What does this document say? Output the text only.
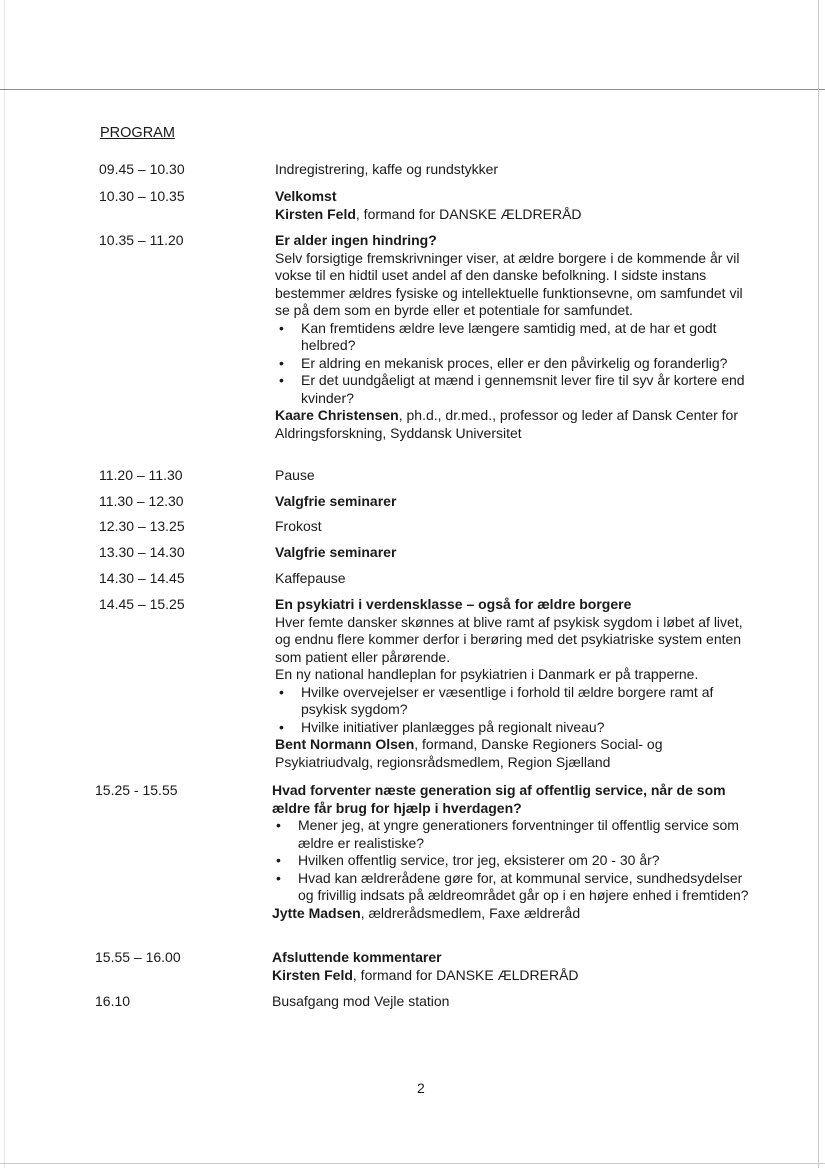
PROGRAM
09.45 – 10.30	Indregistrering, kaffe og rundstykker

10.30 – 10.35	Velkomst

Kirsten Feld, formand for DANSKE ÆLDRERÅD

10.35 – 11.20	Er alder ingen hindring?

Selv forsigtige fremskrivninger viser, at ældre borgere i de kommende år vil vokse til en hidtil uset andel af den danske befolkning. I sidste instans bestemmer ældres fysiske og intellektuelle funktionsevne, om samfundet vil se på dem som en byrde eller et potentiale for samfundet.

• Kan fremtidens ældre leve længere samtidig med, at de har et godt helbred?
• Er aldring en mekanisk proces, eller er den påvirkelig og foranderlig?
• Er det uundgåeligt at mænd i gennemsnit lever fire til syv år kortere end kvinder?

Kaare Christensen, ph.d., dr.med., professor og leder af Dansk Center for Aldringsforskning, Syddansk Universitet

11.20 – 11.30	Pause

11.30 – 12.30	Valgfrie seminarer

12.30 – 13.25	Frokost

13.30 – 14.30	Valgfrie seminarer

14.30 – 14.45	Kaffepause

14.45 – 15.25	En psykiatri i verdensklasse – også for ældre borgere

Hver femte dansker skønnes at blive ramt af psykisk sygdom i løbet af livet, og endnu flere kommer derfor i berøring med det psykiatriske system enten som patient eller pårørende.

En ny national handleplan for psykiatrien i Danmark er på trapperne.

• Hvilke overvejelser er væsentlige i forhold til ældre borgere ramt af psykisk sygdom?
• Hvilke initiativer planlægges på regionalt niveau?

Bent Normann Olsen, formand, Danske Regioners Social- og Psykiatriudvalg, regionsrådsmedlem, Region Sjælland

15.25 - 15.55	Hvad forventer næste generation sig af offentlig service, når de som ældre får brug for hjælp i hverdagen?

• Mener jeg, at yngre generationers forventninger til offentlig service som ældre er realistiske?
• Hvilken offentlig service, tror jeg, eksisterer om 20 - 30 år?
• Hvad kan ældrerådene gøre for, at kommunal service, sundhedsydelser og frivillig indsats på ældreområdet går op i en højere enhed i fremtiden?

Jytte Madsen, ældrerådsmedlem, Faxe ældreråd

15.55 – 16.00	Afsluttende kommentarer

Kirsten Feld, formand for DANSKE ÆLDRERÅD

16.10	Busafgang mod Vejle station

2
